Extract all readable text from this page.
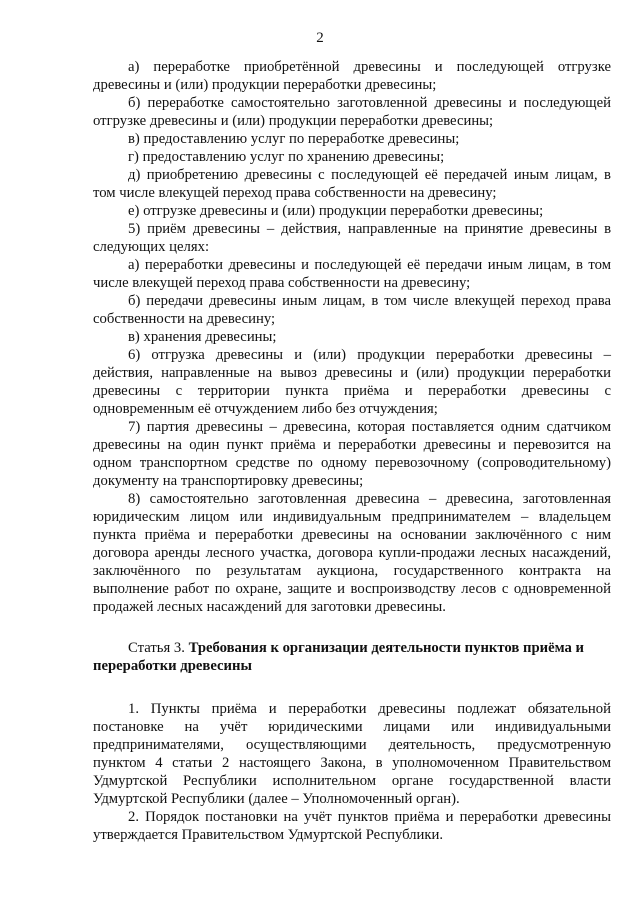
2

а) переработке приобретённой древесины и последующей отгрузке древесины и (или) продукции переработки древесины;

б) переработке самостоятельно заготовленной древесины и последующей отгрузке древесины и (или) продукции переработки древесины;

в) предоставлению услуг по переработке древесины;

г) предоставлению услуг по хранению древесины;

д) приобретению древесины с последующей её передачей иным лицам, в том числе влекущей переход права собственности на древесину;

е) отгрузке древесины и (или) продукции переработки древесины;

5) приём древесины – действия, направленные на принятие древесины в следующих целях:

а) переработки древесины и последующей её передачи иным лицам, в том числе влекущей переход права собственности на древесину;

б) передачи древесины иным лицам, в том числе влекущей переход права собственности на древесину;

в) хранения древесины;

6) отгрузка древесины и (или) продукции переработки древесины – действия, направленные на вывоз древесины и (или) продукции переработки древесины с территории пункта приёма и переработки древесины с одновременным её отчуждением либо без отчуждения;

7) партия древесины – древесина, которая поставляется одним сдатчиком древесины на один пункт приёма и переработки древесины и перевозится на одном транспортном средстве по одному перевозочному (сопроводительному) документу на транспортировку древесины;

8) самостоятельно заготовленная древесина – древесина, заготовленная юридическим лицом или индивидуальным предпринимателем – владельцем пункта приёма и переработки древесины на основании заключённого с ним договора аренды лесного участка, договора купли-продажи лесных насаждений, заключённого по результатам аукциона, государственного контракта на выполнение работ по охране, защите и воспроизводству лесов с одновременной продажей лесных насаждений для заготовки древесины.

Статья 3. Требования к организации деятельности пунктов приёма и переработки древесины

1. Пункты приёма и переработки древесины подлежат обязательной постановке на учёт юридическими лицами или индивидуальными предпринимателями, осуществляющими деятельность, предусмотренную пунктом 4 статьи 2 настоящего Закона, в уполномоченном Правительством Удмуртской Республики исполнительном органе государственной власти Удмуртской Республики (далее – Уполномоченный орган).

2. Порядок постановки на учёт пунктов приёма и переработки древесины утверждается Правительством Удмуртской Республики.
